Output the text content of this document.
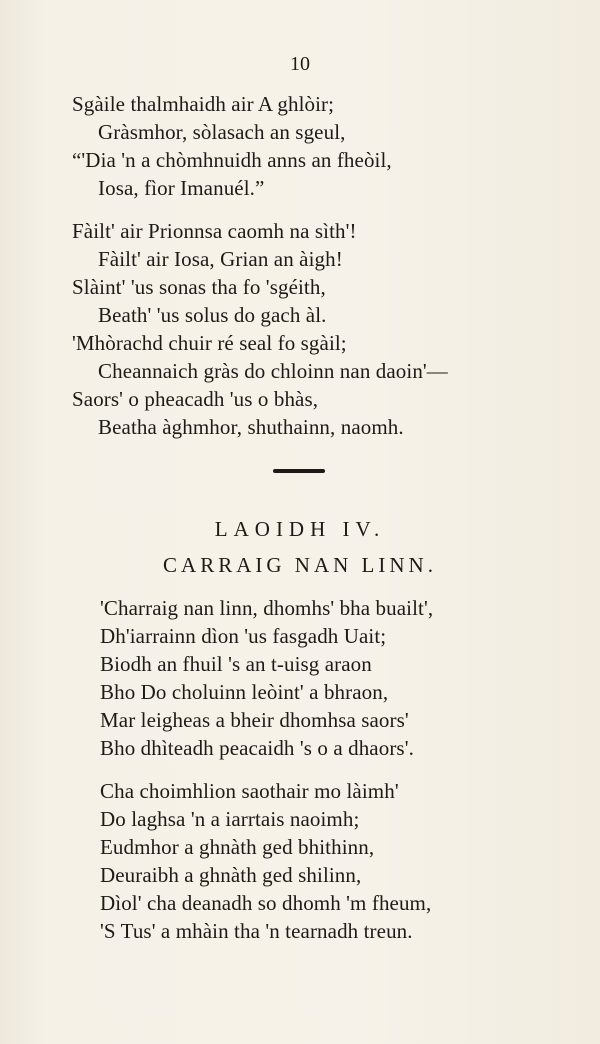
10
Sgàile thalmhaidh air A ghlòir;
Gràsmhor, sòlasach an sgeul,
“'Dia 'n a chòmhnuidh anns an fheòil,
Iosa, fìor Imanuél.”
Fàilt' air Prionnsa caomh na sìth'!
Fàilt' air Iosa, Grian an àigh!
Slàint' 'us sonas tha fo 'sgéith,
Beath' 'us solus do gach àl.
'Mhòrachd chuir ré seal fo sgàil;
Cheannaich gràs do chloinn nan daoin'—
Saors' o pheacadh 'us o bhàs,
Beatha àghmhor, shuthainn, naomh.
LAOIDH IV.
CARRAIG NAN LINN.
'Charraig nan linn, dhomhs' bha buailt',
Dh'iarrainn dìon 'us fasgadh Uait;
Biodh an fhuil 's an t-uisg araon
Bho Do choluinn leòint' a bhraon,
Mar leigheas a bheir dhomhsa saors'
Bho dhìteadh peacaidh 's o a dhaors'.
Cha choimhlion saothair mo làimh'
Do laghsa 'n a iarrtais naoimh;
Eudmhor a ghnàth ged bhithinn,
Deuraibh a ghnàth ged shilinn,
Dìol' cha deanadh so dhomh 'm fheum,
'S Tus' a mhàin tha 'n tearnadh treun.
